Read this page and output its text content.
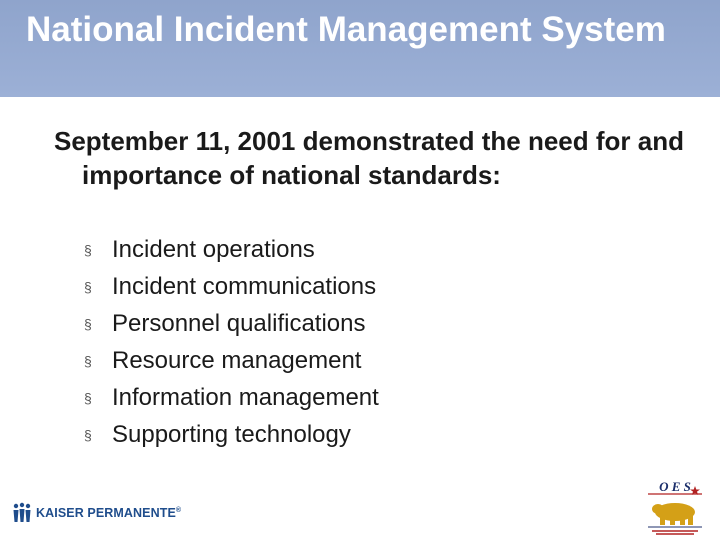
National Incident Management System

September 11, 2001 demonstrated the need for and importance of national standards:

§ Incident operations
§ Incident communications
§ Personnel qualifications
§ Resource management
§ Information management
§ Supporting technology
KAISER PERMANENTE®
O E S
